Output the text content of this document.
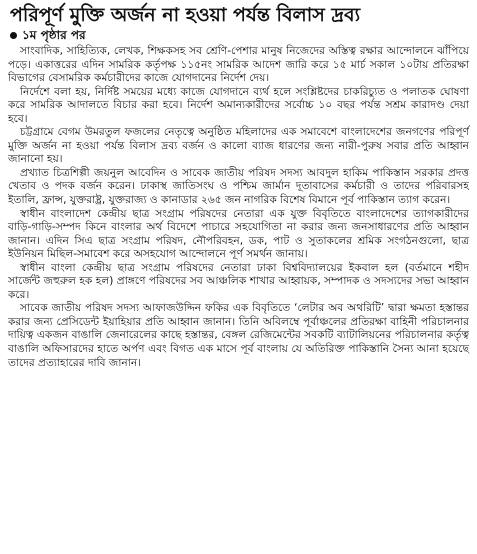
পরিপূর্ণ মুক্তি অর্জন না হওয়া পর্যন্ত বিলাস দ্রব্য
১ম পৃষ্ঠার পর

সাংবাদিক, সাহিত্যিক, লেখক, শিক্ষকসহ সব শ্রেণি-পেশার মানুষ নিজেদের অস্তিত্ব রক্ষার আন্দোলনে ঝাঁপিয়ে পড়ে। একাত্তরের এদিন সামরিক কর্তৃপক্ষ ১১৫নং সামরিক আদেশ জারি করে ১৫ মার্চ সকাল ১০টায় প্রতিরক্ষা বিভাগের বেসামরিক কর্মচারীদের কাজে যোগদানের নির্দেশ দেয়।

নির্দেশে বলা হয়, নির্দিষ্ট সময়ের মধ্যে কাজে যোগদানে ব্যর্থ হলে সংশ্লিষ্টদের চাকরিচ্যুত ও পলাতক ঘোষণা করে সামরিক আদালতে বিচার করা হবে। নির্দেশ অমান্যকারীদের সর্বোচ্চ ১০ বছর পর্যন্ত সশ্রম কারাদণ্ড দেয়া হবে।

চট্টগ্রামে বেগম উমরতুল ফজলের নেতৃত্বে অনুষ্ঠিত মহিলাদের এক সমাবেশে বাংলাদেশের জনগণের পরিপূর্ণ মুক্তি অর্জন না হওয়া পর্যন্ত বিলাস দ্রব্য বর্জন ও কালো ব্যাজ ধারণের জন্য নারী-পুরুষ সবার প্রতি আহ্বান জানানো হয়।

প্রখ্যাত চিত্রশিল্পী জয়নুল আবেদিন ও সাবেক জাতীয় পরিষদ সদস্য আবদুল হাকিম পাকিস্তান সরকার প্রদত্ত খেতাব ও পদক বর্জন করেন। ঢাকাস্থ জাতিসংঘ ও পশ্চিম জার্মান দূতাবাসের কর্মচারী ও তাদের পরিবারসহ ইতালি, ফ্রান্স, যুক্তরাষ্ট্র, যুক্তরাজ্য ও কানাডার ২৬৫ জন নাগরিক বিশেষ বিমানে পূর্ব পাকিস্তান ত্যাগ করেন।

স্বাধীন বাংলাদেশ কেন্দ্রীয় ছাত্র সংগ্রাম পরিষদের নেতারা এক যুক্ত বিবৃতিতে বাংলাদেশের ত্যাগকারীদের বাড়ি-গাড়ি-সম্পদ কিনে বাংলার অর্থ বিদেশে পাচারে সহযোগিতা না করার জন্য জনসাধারণের প্রতি আহ্বান জানান। এদিন সিএ ছাত্র সংগ্রাম পরিষদ, নৌপরিবহন, ডক, পাট ও সুতাকলের শ্রমিক সংগঠনগুলো, ছাত্র ইউনিয়ন মিছিল-সমাবেশ করে অসহযোগ আন্দোলনে পূর্ণ সমর্থন জানায়।

স্বাধীন বাংলা কেন্দ্রীয় ছাত্র সংগ্রাম পরিষদের নেতারা ঢাকা বিশ্ববিদ্যালয়ের ইকবাল হল (বর্তমানে শহীদ সার্জেন্ট জহুরুল হক হল) প্রাঙ্গণে পরিষদের সব আঞ্চলিক শাখার আহ্বায়ক, সম্পাদক ও সদস্যদের সভা আহ্বান করে।

সাবেক জাতীয় পরিষদ সদস্য আফাজউদ্দিন ফকির এক বিবৃতিতে ‘লেটার অব অথরিটি’ দ্বারা ক্ষমতা হস্তান্তর করার জন্য প্রেসিডেন্ট ইয়াহিয়ার প্রতি আহ্বান জানান। তিনি অবিলম্বে পূর্বাঞ্চলের প্রতিরক্ষা বাহিনী পরিচালনার দায়িত্ব একজন বাঙালি জেনারেলের কাছে হস্তান্তর, বেঙ্গল রেজিমেন্টের সবকটি ব্যাটালিয়নের পরিচালনার কর্তৃত্ব বাঙালি অফিসারদের হাতে অর্পণ এবং বিগত এক মাসে পূর্ব বাংলায় যে অতিরিক্ত পাকিস্তানি সৈন্য আনা হয়েছে তাদের প্রত্যাহারের দাবি জানান।
